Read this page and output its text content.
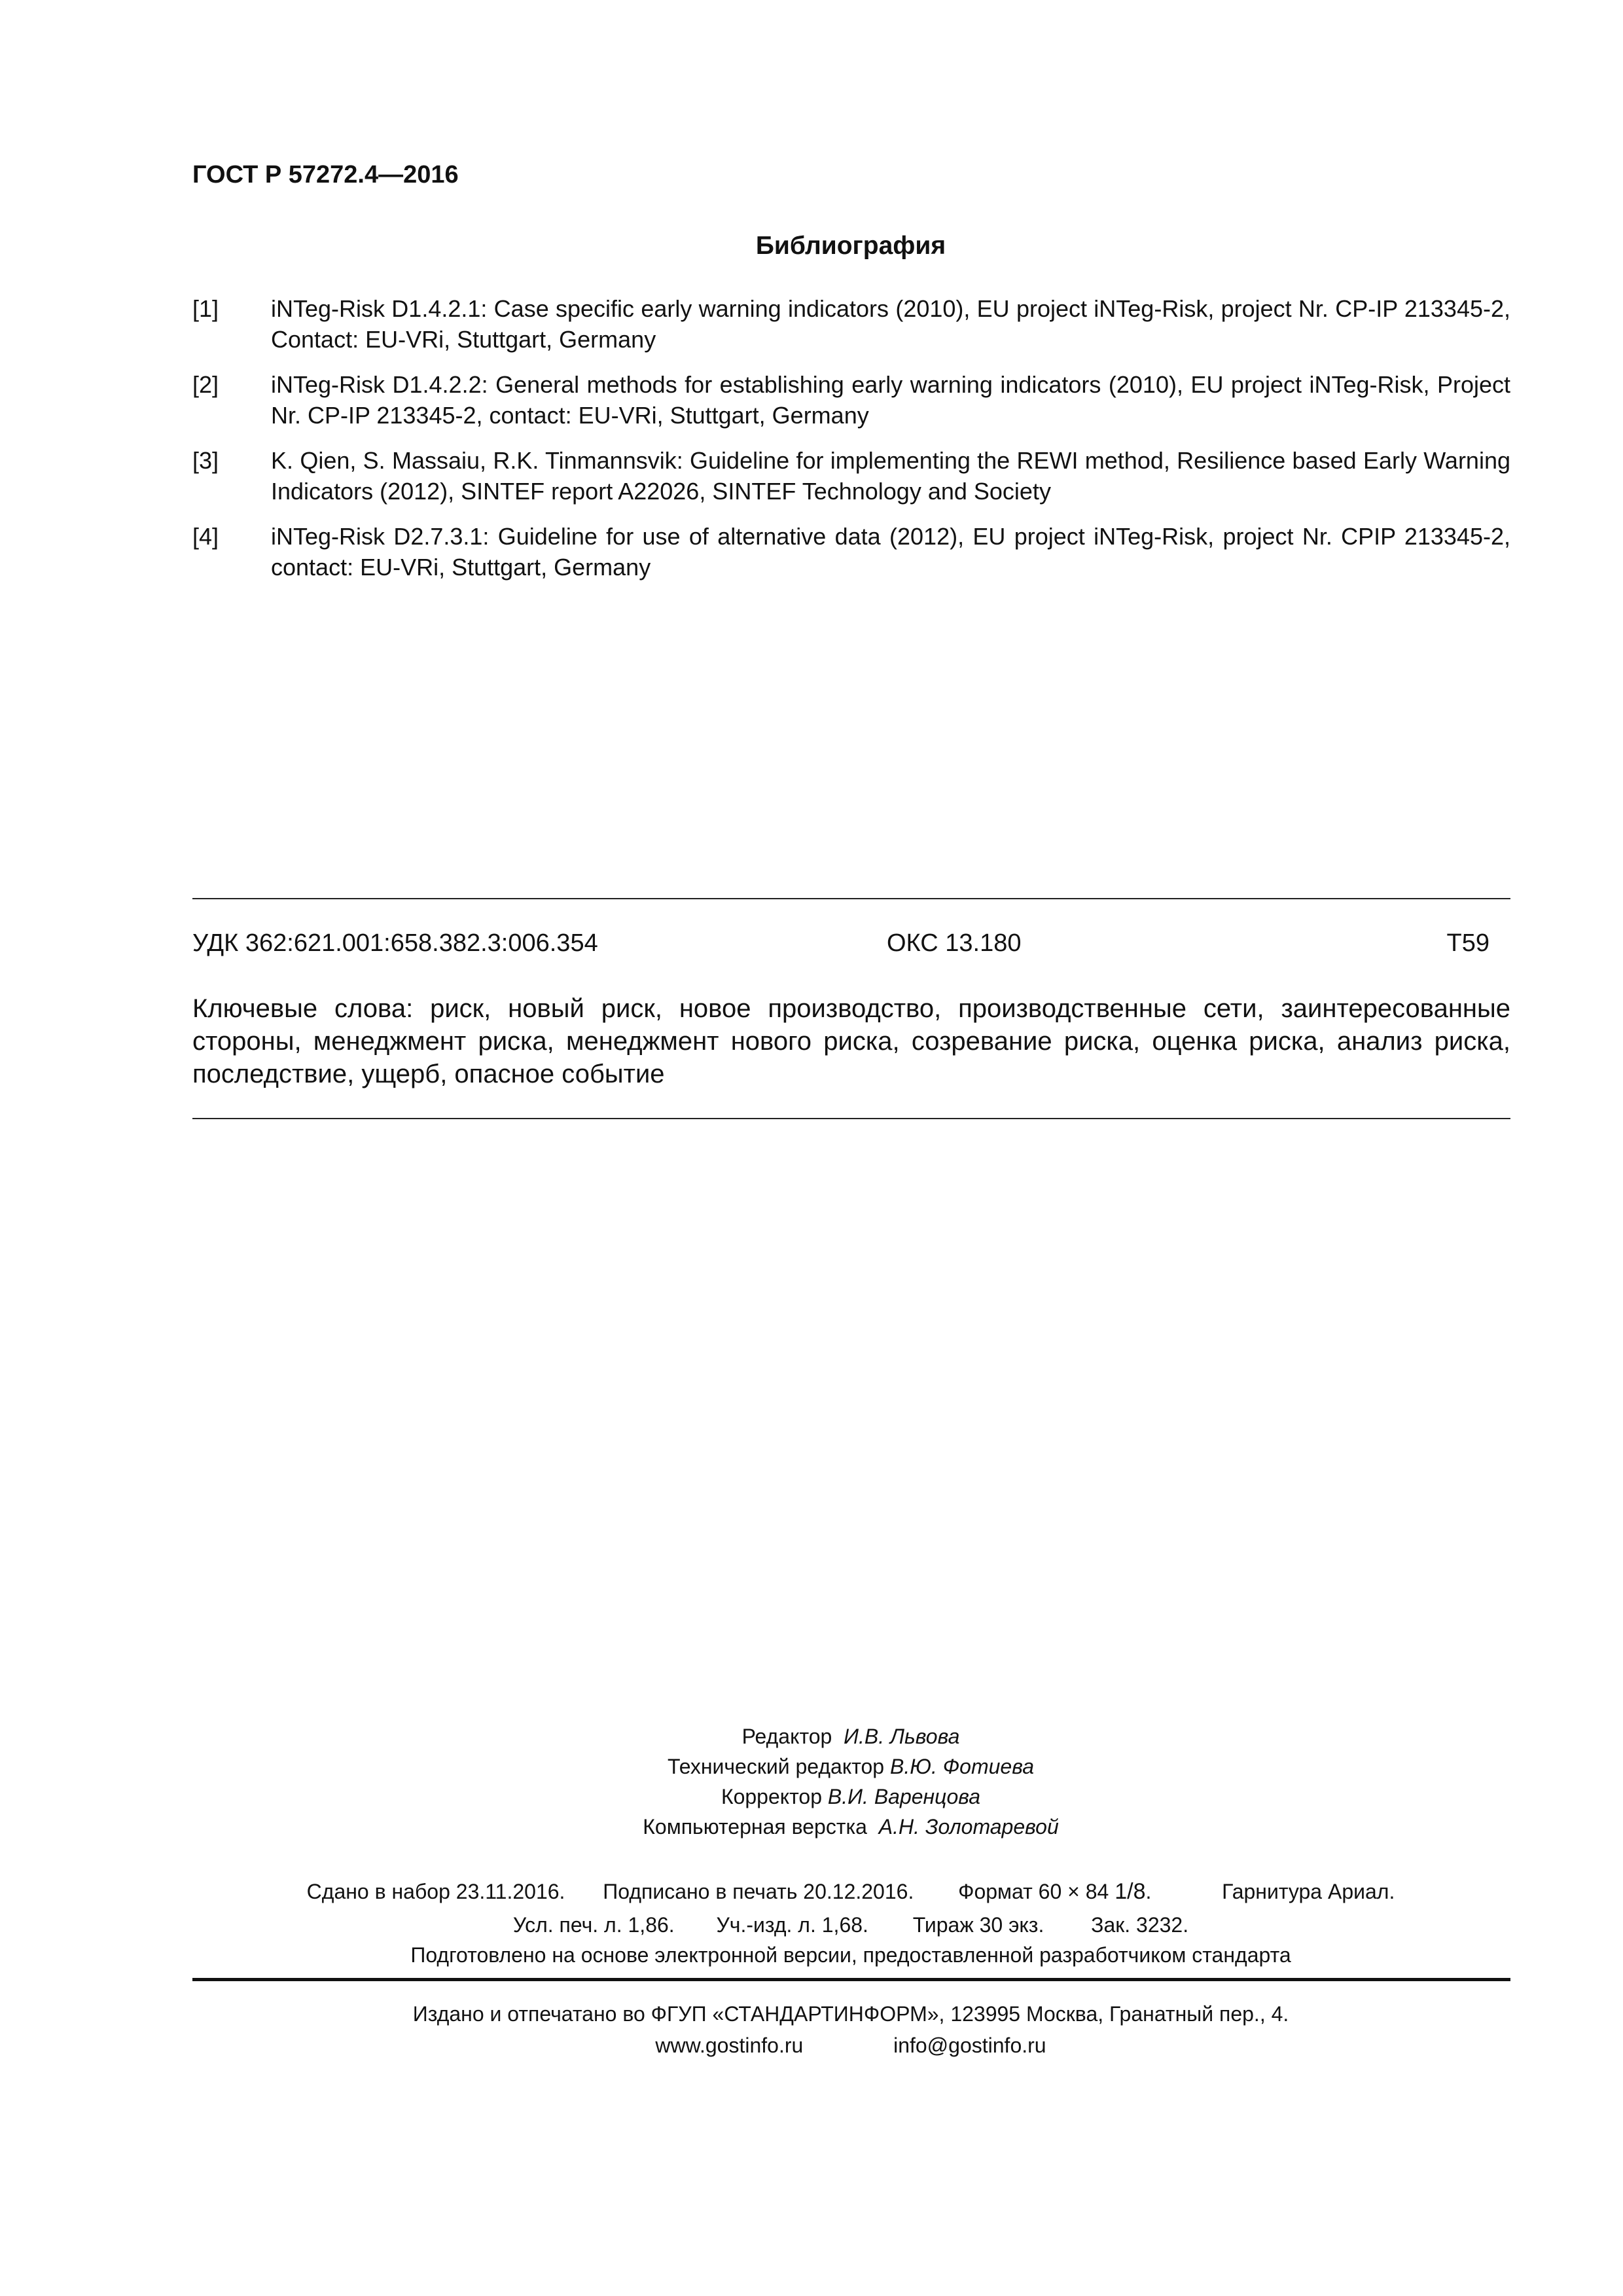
ГОСТ Р 57272.4—2016
Библиография
[1]	iNTeg-Risk D1.4.2.1: Case specific early warning indicators (2010), EU project iNTeg-Risk, project Nr. CP-IP 213345-2, Contact: EU-VRi, Stuttgart, Germany
[2]	iNTeg-Risk D1.4.2.2: General methods for establishing early warning indicators (2010), EU project iNTeg-Risk, Project Nr. CP-IP 213345-2, contact: EU-VRi, Stuttgart, Germany
[3]	K. Qien, S. Massaiu, R.K. Tinmannsvik: Guideline for implementing the REWI method, Resilience based Early Warning Indicators (2012), SINTEF report A22026, SINTEF Technology and Society
[4]	iNTeg-Risk D2.7.3.1: Guideline for use of alternative data (2012), EU project iNTeg-Risk, project Nr. CPIP 213345-2, contact: EU-VRi, Stuttgart, Germany
УДК 362:621.001:658.382.3:006.354	ОКС 13.180	Т59
Ключевые слова: риск, новый риск, новое производство, производственные сети, заинтересованные стороны, менеджмент риска, менеджмент нового риска, созревание риска, оценка риска, анализ риска, последствие, ущерб, опасное событие
Редактор И.В. Львова
Технический редактор В.Ю. Фотиева
Корректор В.И. Варенцова
Компьютерная верстка А.Н. Золотаревой
Сдано в набор 23.11.2016. Подписано в печать 20.12.2016. Формат 60 × 84 1/8.	Гарнитура Ариал.
Усл. печ. л. 1,86. Уч.-изд. л. 1,68. Тираж 30 экз. Зак. 3232.
Подготовлено на основе электронной версии, предоставленной разработчиком стандарта
Издано и отпечатано во ФГУП «СТАНДАРТИНФОРМ», 123995 Москва, Гранатный пер., 4.
www.gostinfo.ru	info@gostinfo.ru
